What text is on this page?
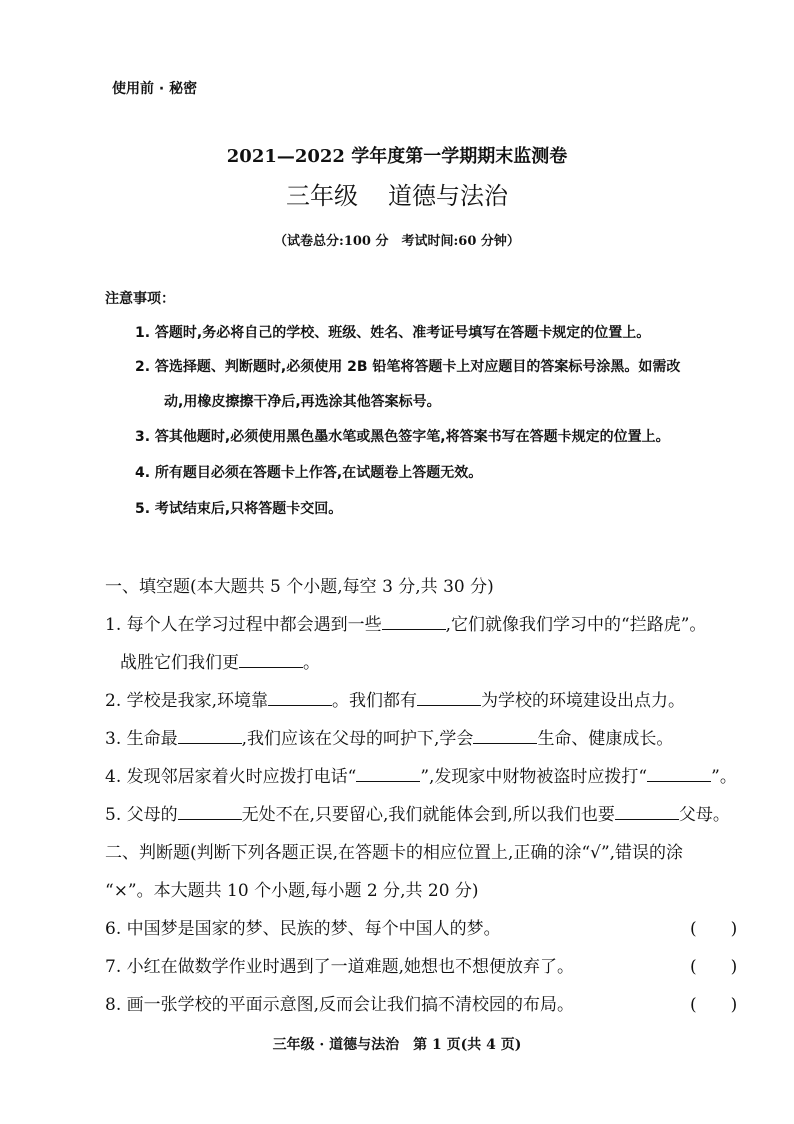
使用前 · 秘密
2021—2022 学年度第一学期期末监测卷
三年级 道德与法治
（试卷总分:100 分　考试时间:60 分钟）
注意事项：
1. 答题时,务必将自己的学校、班级、姓名、准考证号填写在答题卡规定的位置上。
2. 答选择题、判断题时,必须使用 2B 铅笔将答题卡上对应题目的答案标号涂黑。如需改
动,用橡皮擦擦干净后,再选涂其他答案标号。
3. 答其他题时,必须使用黑色墨水笔或黑色签字笔,将答案书写在答题卡规定的位置上。
4. 所有题目必须在答题卡上作答,在试题卷上答题无效。
5. 考试结束后,只将答题卡交回。
一、填空题(本大题共 5 个小题,每空 3 分,共 30 分)
1. 每个人在学习过程中都会遇到一些	,它们就像我们学习中的“拦路虎”。
战胜它们我们更	。
2. 学校是我家,环境靠	。我们都有	为学校的环境建设出点力。
3. 生命最	,我们应该在父母的呵护下,学会	生命、健康成长。
4. 发现邻居家着火时应拨打电话“	”,发现家中财物被盗时应拨打“	”。
5. 父母的	无处不在,只要留心,我们就能体会到,所以我们也要	父母。
二、判断题(判断下列各题正误,在答题卡的相应位置上,正确的涂“√”,错误的涂
“×”。本大题共 10 个小题,每小题 2 分,共 20 分)
6. 中国梦是国家的梦、民族的梦、每个中国人的梦。	(　　)
7. 小红在做数学作业时遇到了一道难题,她想也不想便放弃了。	(　　)
8. 画一张学校的平面示意图,反而会让我们搞不清校园的布局。	(　　)
三年级 · 道德与法治　第 1 页(共 4 页)
